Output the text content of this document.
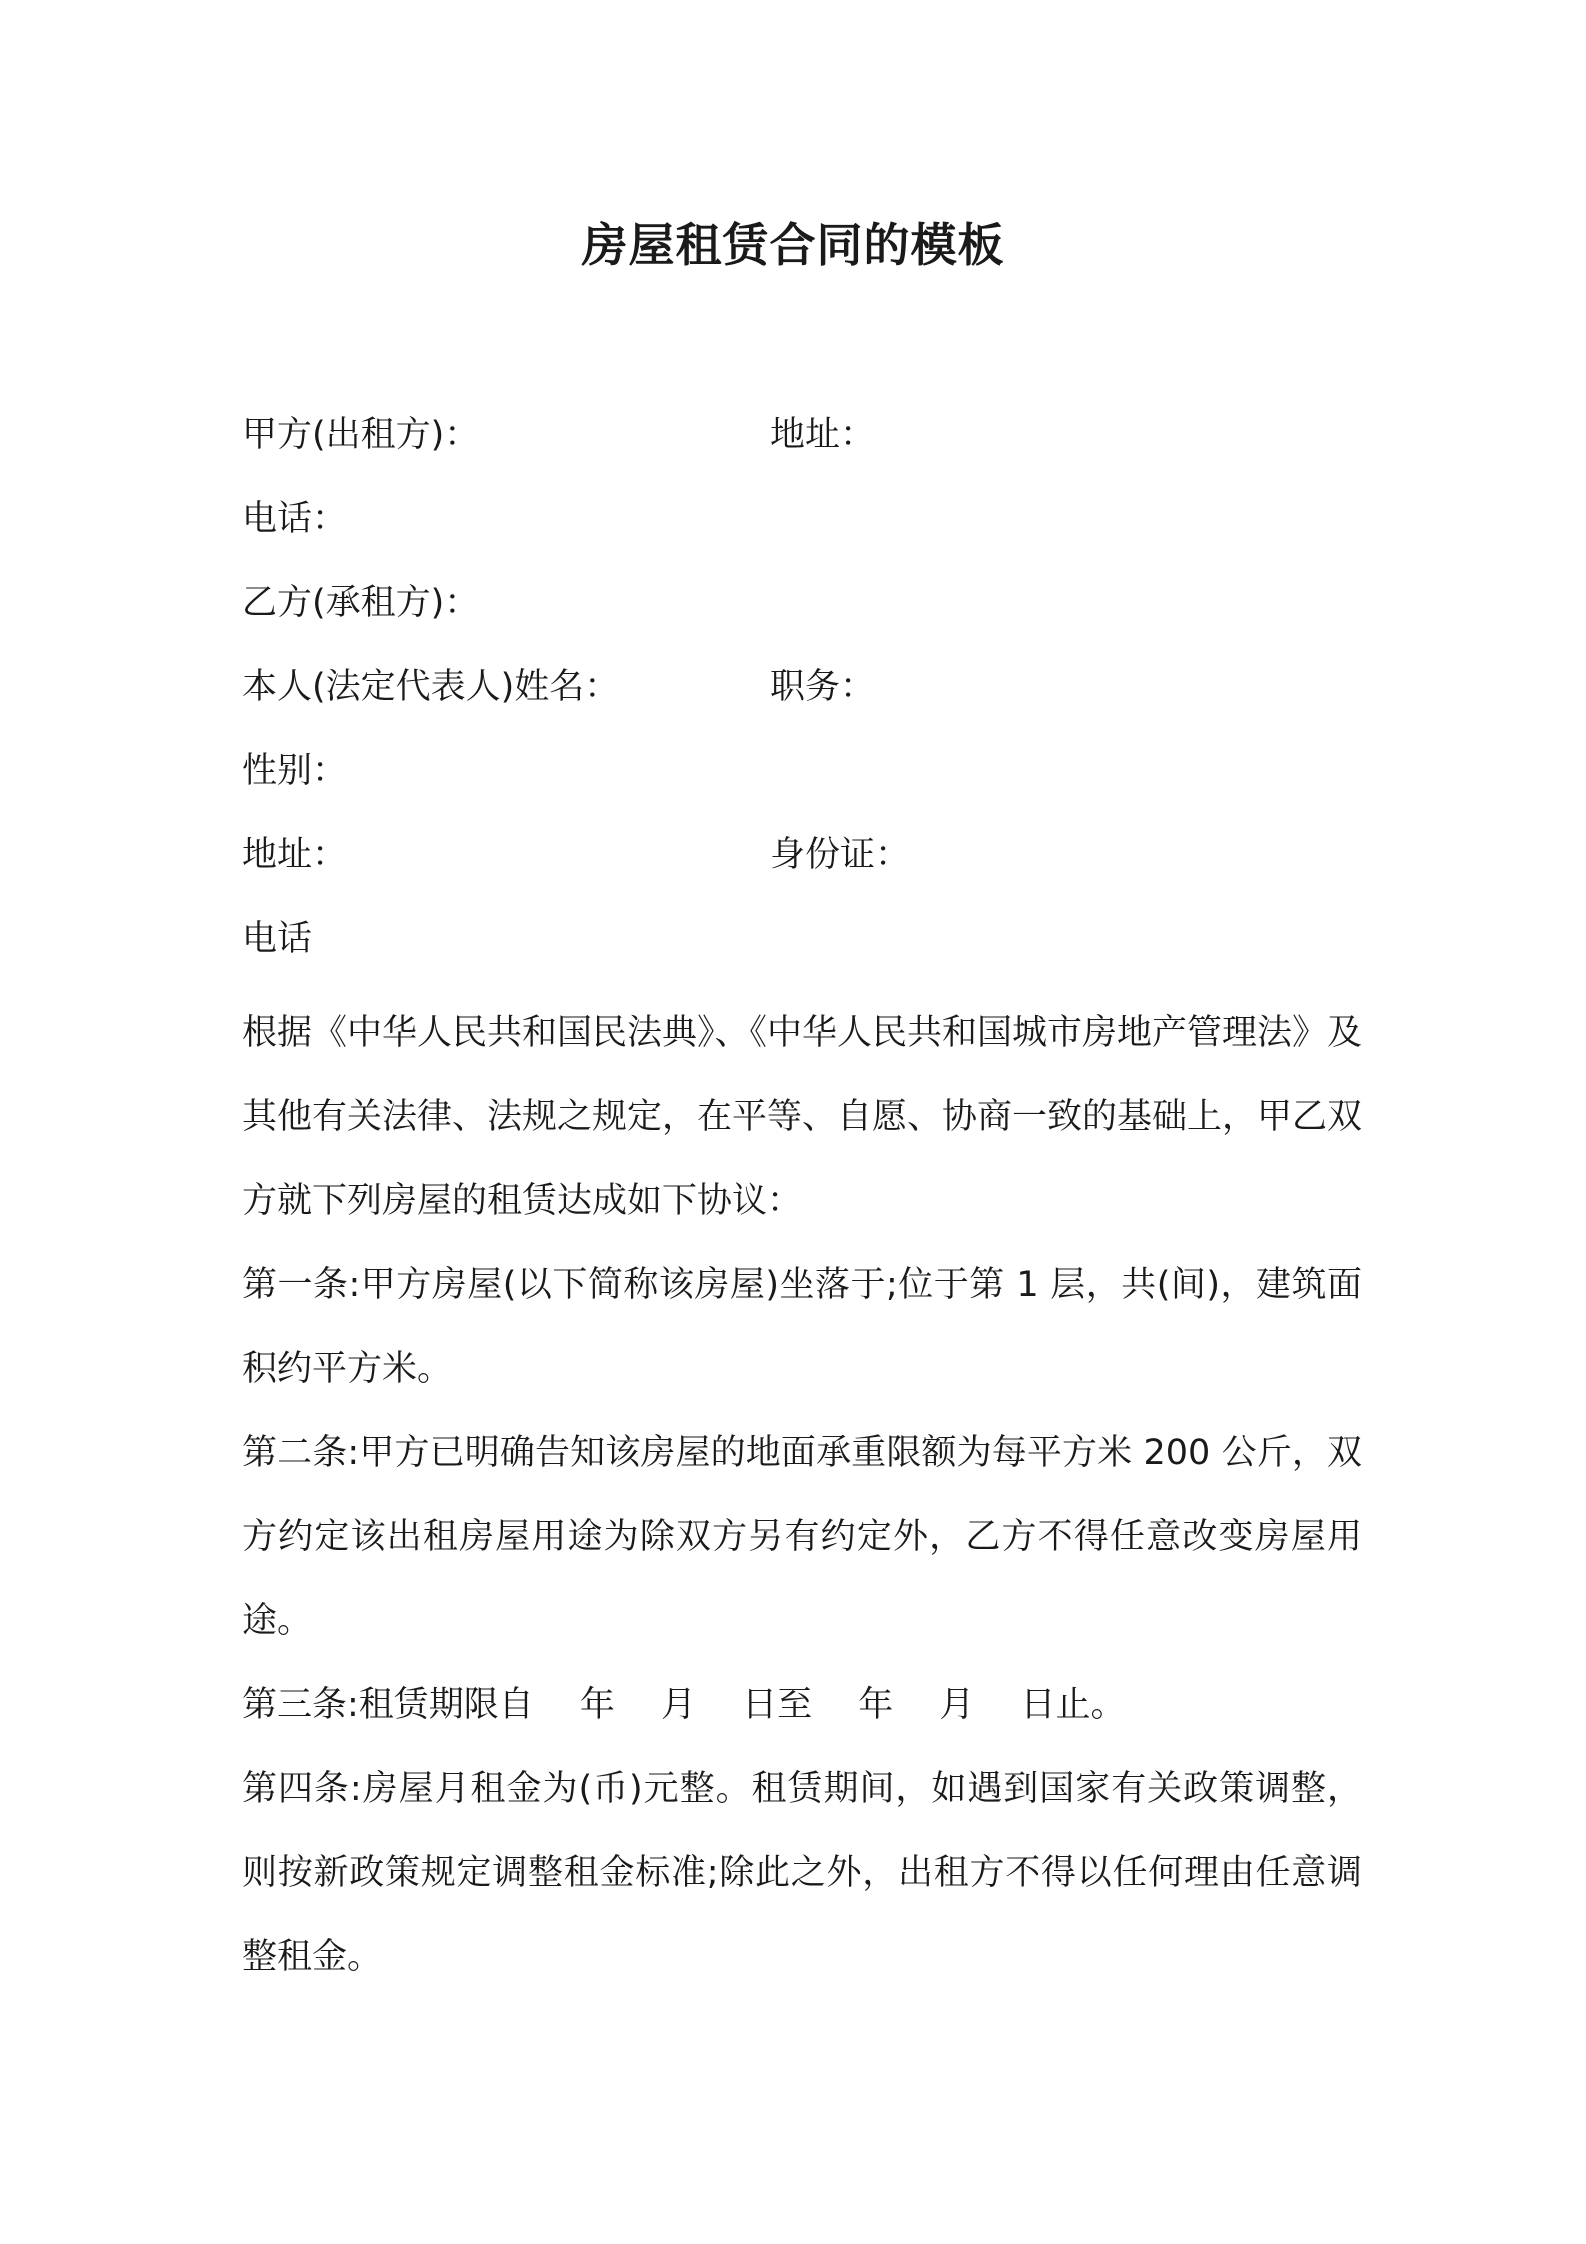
房屋租赁合同的模板
甲方(出租方)：	地址：
电话：
乙方(承租方)：
本人(法定代表人)姓名：	职务：
性别：
地址：	身份证：
电话

根据《中华人民共和国民法典》、《中华人民共和国城市房地产管理法》及其他有关法律、法规之规定，在平等、自愿、协商一致的基础上，甲乙双方就下列房屋的租赁达成如下协议：

第一条:甲方房屋(以下简称该房屋)坐落于;位于第 1 层，共(间)，建筑面积约平方米。

第二条:甲方已明确告知该房屋的地面承重限额为每平方米 200 公斤，双方约定该出租房屋用途为除双方另有约定外，乙方不得任意改变房屋用途。

第三条:租赁期限自　 年　 月　 日至　 年　 月　 日止。

第四条:房屋月租金为(币)元整。租赁期间，如遇到国家有关政策调整，则按新政策规定调整租金标准;除此之外，出租方不得以任何理由任意调整租金。
